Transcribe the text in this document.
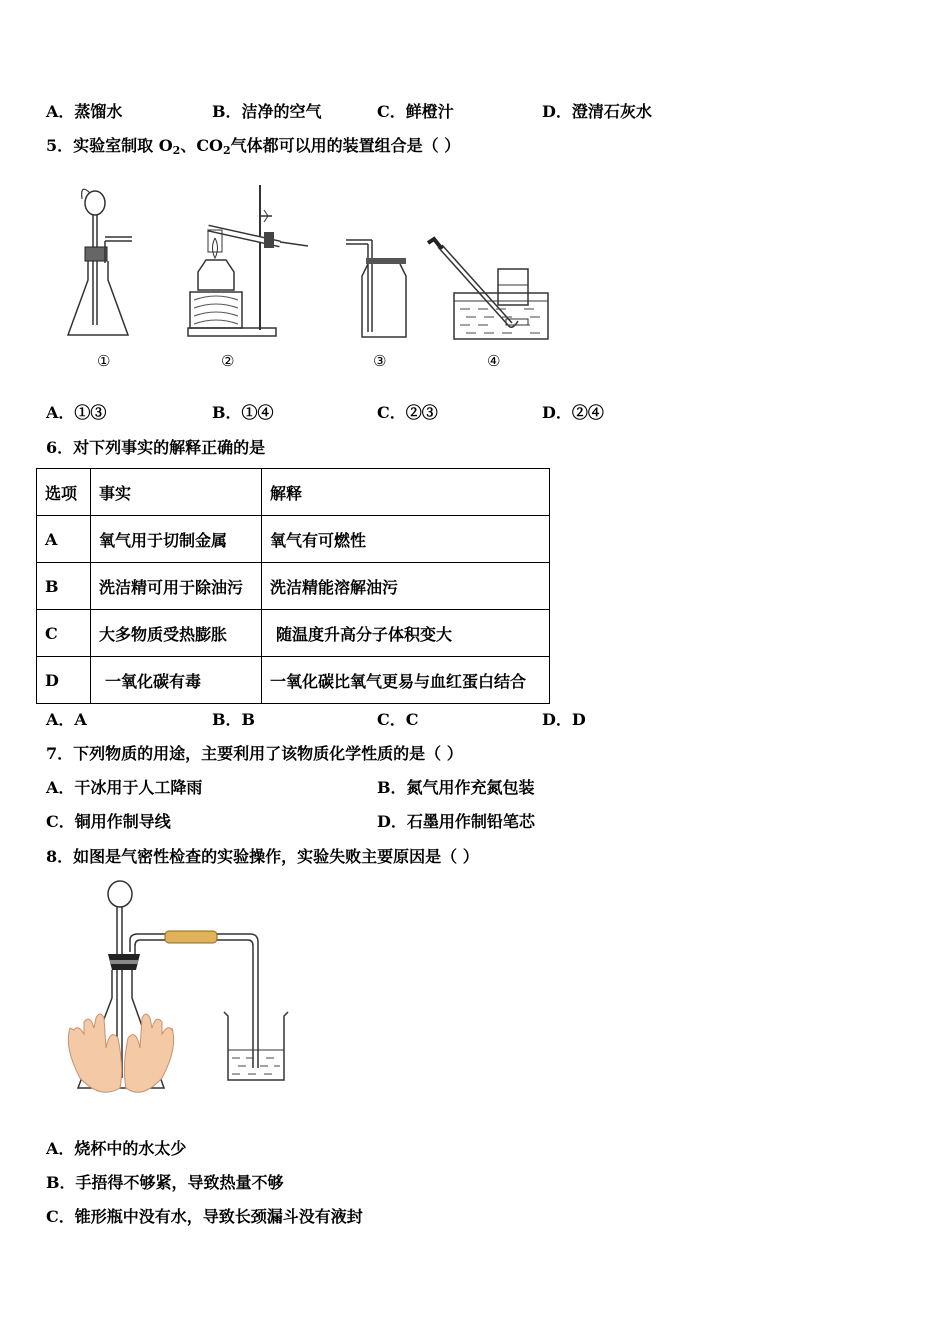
A．蒸馏水	B．洁净的空气	C．鲜橙汁	D．澄清石灰水
5．实验室制取 $O_2$、$CO_2$气体都可以用的装置组合是（ ）
①	②	③	④
A．①③	B．①④	C．②③	D．②④
6．对下列事实的解释正确的是
选项	事实	解释
A	氧气用于切制金属	氧气有可燃性
B	洗洁精可用于除油污	洗洁精能溶解油污
C	大多物质受热膨胀	随温度升高分子体积变大
D	一氧化碳有毒	一氧化碳比氧气更易与血红蛋白结合
A．A	B．B	C．C	D．D
7．下列物质的用途，主要利用了该物质化学性质的是（ ）
A．干冰用于人工降雨	B．氮气用作充氮包装
C．铜用作制导线	D．石墨用作制铅笔芯
8．如图是气密性检查的实验操作，实验失败主要原因是（ ）
A．烧杯中的水太少
B．手捂得不够紧，导致热量不够
C．锥形瓶中没有水，导致长颈漏斗没有液封
